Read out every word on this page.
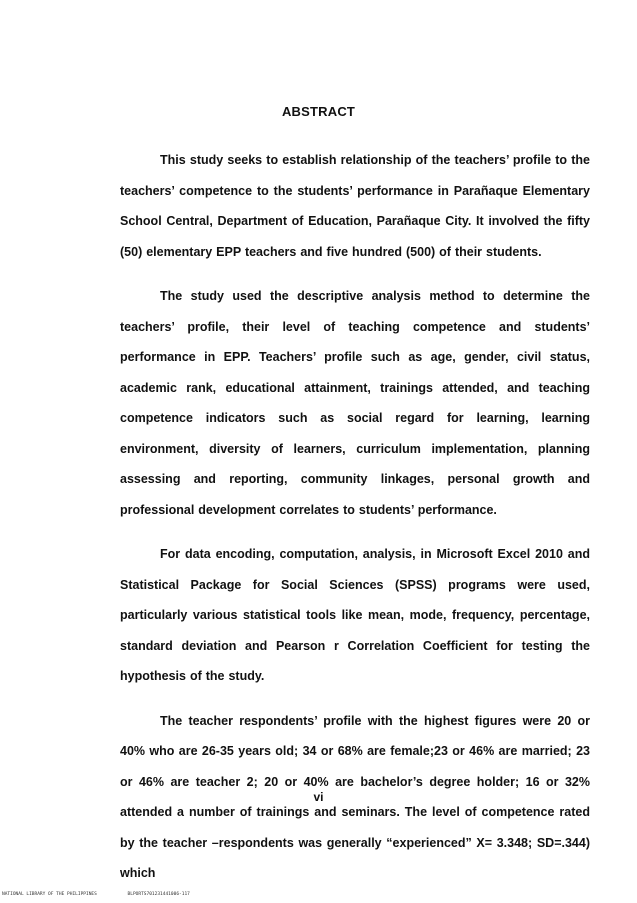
ABSTRACT

This study seeks to establish relationship of the teachers’ profile to the teachers’ competence to the students’ performance in Parañaque Elementary School Central, Department of Education, Parañaque City. It involved the fifty (50) elementary EPP teachers and five hundred (500) of their students.

The study used the descriptive analysis method to determine the teachers’ profile, their level of teaching competence and students’ performance in EPP. Teachers’ profile such as age, gender, civil status, academic rank, educational attainment, trainings attended, and teaching competence indicators such as social regard for learning, learning environment, diversity of learners, curriculum implementation, planning assessing and reporting, community linkages, personal growth and professional development correlates to students’ performance.

For data encoding, computation, analysis, in Microsoft Excel 2010 and Statistical Package for Social Sciences (SPSS) programs were used, particularly various statistical tools like mean, mode, frequency, percentage, standard deviation and Pearson r Correlation Coefficient for testing the hypothesis of the study.

The teacher respondents’ profile with the highest figures were 20 or 40% who are 26-35 years old; 34 or 68% are female;23 or 46% are married; 23 or 46% are teacher 2; 20 or 40% are bachelor’s degree holder; 16 or 32% attended a number of trainings and seminars. The level of competence rated by the teacher –respondents was generally “experienced” X= 3.348; SD=.344) which

vi
NATIONAL LIBRARY OF THE PHILIPPINES	BLPORTS701231441006-117
